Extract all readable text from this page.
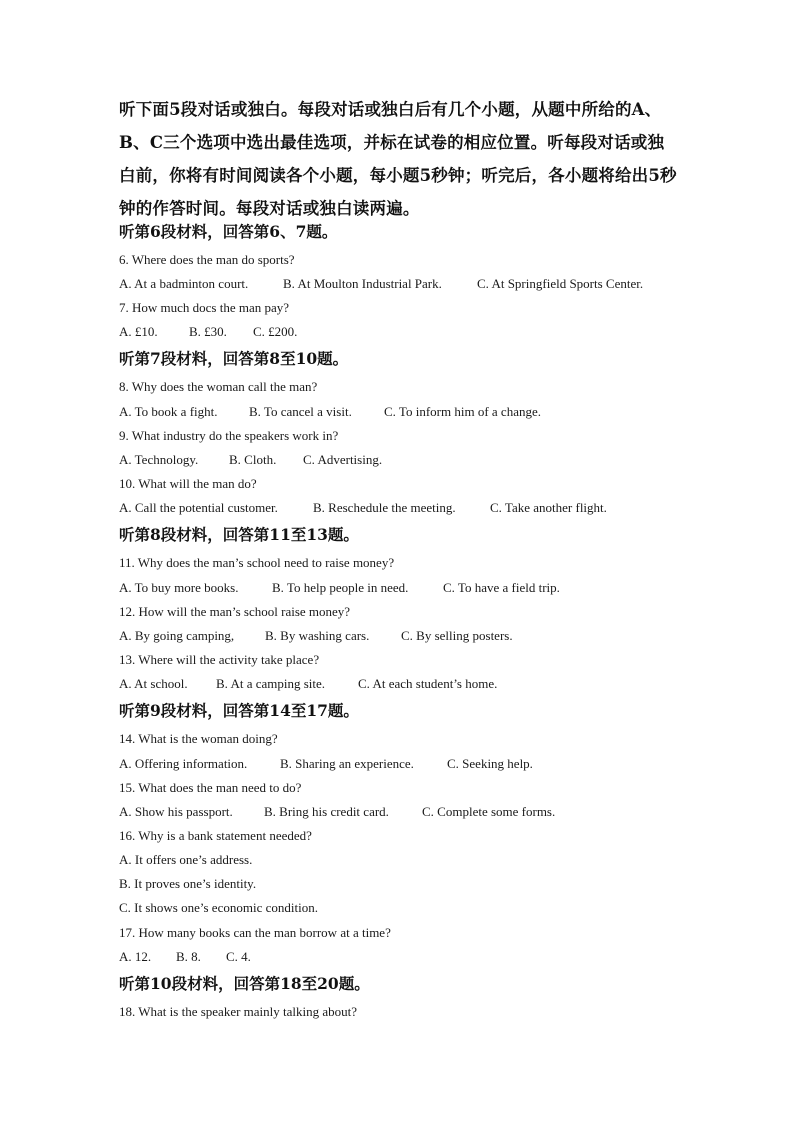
听下面5段对话或独白。每段对话或独白后有几个小题，从题中所给的A、B、C三个选项中选出最佳选项，并标在试卷的相应位置。听每段对话或独白前，你将有时间阅读各个小题，每小题5秒钟；听完后，各小题将给出5秒钟的作答时间。每段对话或独白读两遍。

听第6段材料，回答第6、7题。

6. Where does the man do sports?

A. At a badminton court.	B. At Moulton Industrial Park.	C. At Springfield Sports Center.

7. How much docs the man pay?

A. £10. B. £30. C. £200.

听第7段材料，回答第8至10题。

8. Why does the woman call the man?

A. To book a fight. B. To cancel a visit. C. To inform him of a change.

9. What industry do the speakers work in?

A. Technology. B. Cloth. C. Advertising.

10. What will the man do?

A. Call the potential customer.	B. Reschedule the meeting.	C. Take another flight.

听第8段材料，回答第11至13题。

11. Why does the man’s school need to raise money?

A. To buy more books.	B. To help people in need.	C. To have a field trip.

12. How will the man’s school raise money?

A. By going camping, B. By washing cars. C. By selling posters.

13. Where will the activity take place?

A. At school. B. At a camping site.	C. At each student’s home.

听第9段材料，回答第14至17题。

14. What is the woman doing?

A. Offering information.	B. Sharing an experience.	C. Seeking help.

15. What does the man need to do?

A. Show his passport. B. Bring his credit card.	C. Complete some forms.

16. Why is a bank statement needed?

A. It offers one’s address.

B. It proves one’s identity.

C. It shows one’s economic condition.

17. How many books can the man borrow at a time?

A. 12. B. 8. C. 4.

听第10段材料，回答第18至20题。

18. What is the speaker mainly talking about?
